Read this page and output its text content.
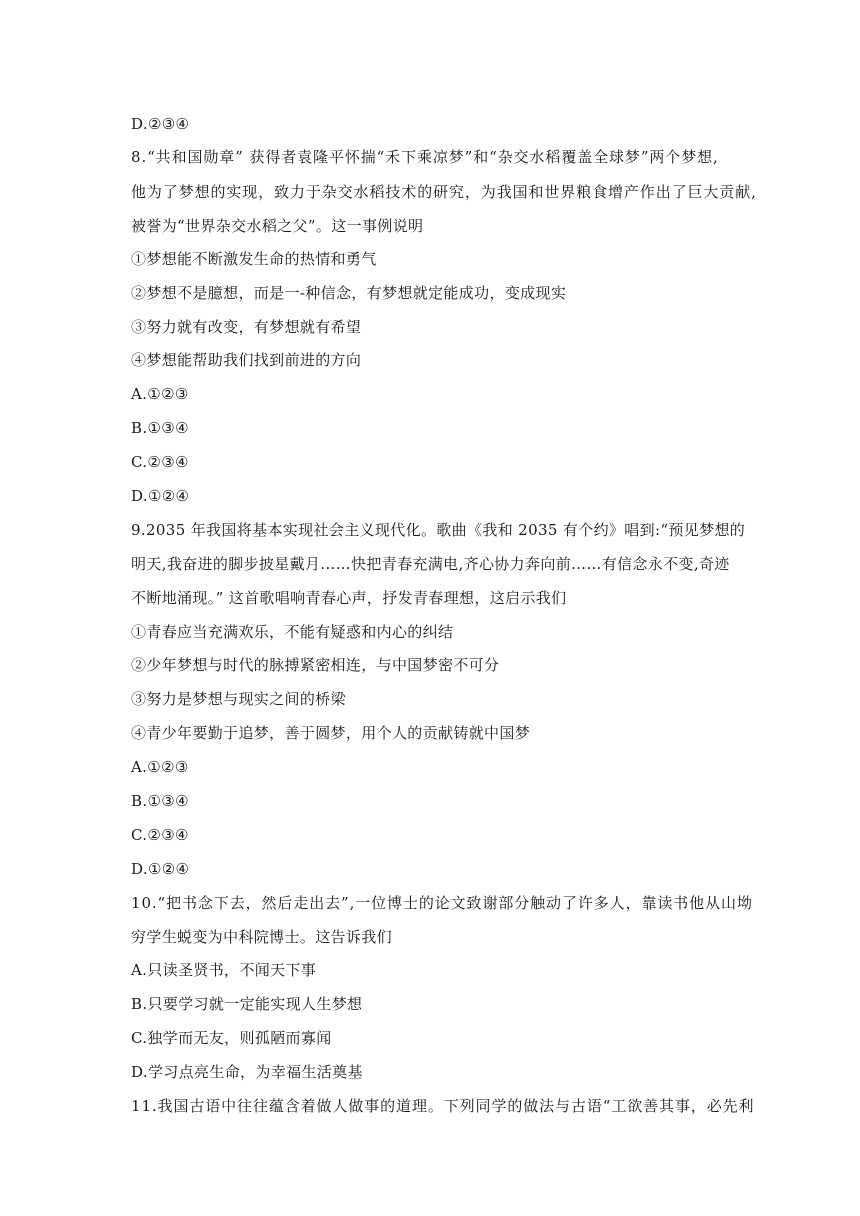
D.②③④
8.“共和国勋章” 获得者袁隆平怀揣“禾下乘凉梦”和“杂交水稻覆盖全球梦”两个梦想,
他为了梦想的实现，致力于杂交水稻技术的研究，为我国和世界粮食增产作出了巨大贡献,
被誉为“世界杂交水稻之父”。这一事例说明
①梦想能不断激发生命的热情和勇气
②梦想不是臆想，而是一-种信念，有梦想就定能成功，变成现实
③努力就有改变，有梦想就有希望
④梦想能帮助我们找到前进的方向
A.①②③
B.①③④
C.②③④
D.①②④
9.2035 年我国将基本实现社会主义现代化。歌曲《我和 2035 有个约》唱到:“预见梦想的
明天,我奋进的脚步披星戴月……快把青春充满电,齐心协力奔向前……有信念永不变,奇迹
不断地涌现。” 这首歌唱响青春心声，抒发青春理想，这启示我们
①青春应当充满欢乐，不能有疑惑和内心的纠结
②少年梦想与时代的脉搏紧密相连，与中国梦密不可分
③努力是梦想与现实之间的桥梁
④青少年要勤于追梦，善于圆梦，用个人的贡献铸就中国梦
A.①②③
B.①③④
C.②③④
D.①②④
10.“把书念下去，然后走出去”,一位博士的论文致谢部分触动了许多人，靠读书他从山坳
穷学生蜕变为中科院博士。这告诉我们
A.只读圣贤书，不闻天下事
B.只要学习就一定能实现人生梦想
C.独学而无友，则孤陋而寡闻
D.学习点亮生命，为幸福生活奠基
11.我国古语中往往蕴含着做人做事的道理。下列同学的做法与古语“工欲善其事，必先利
